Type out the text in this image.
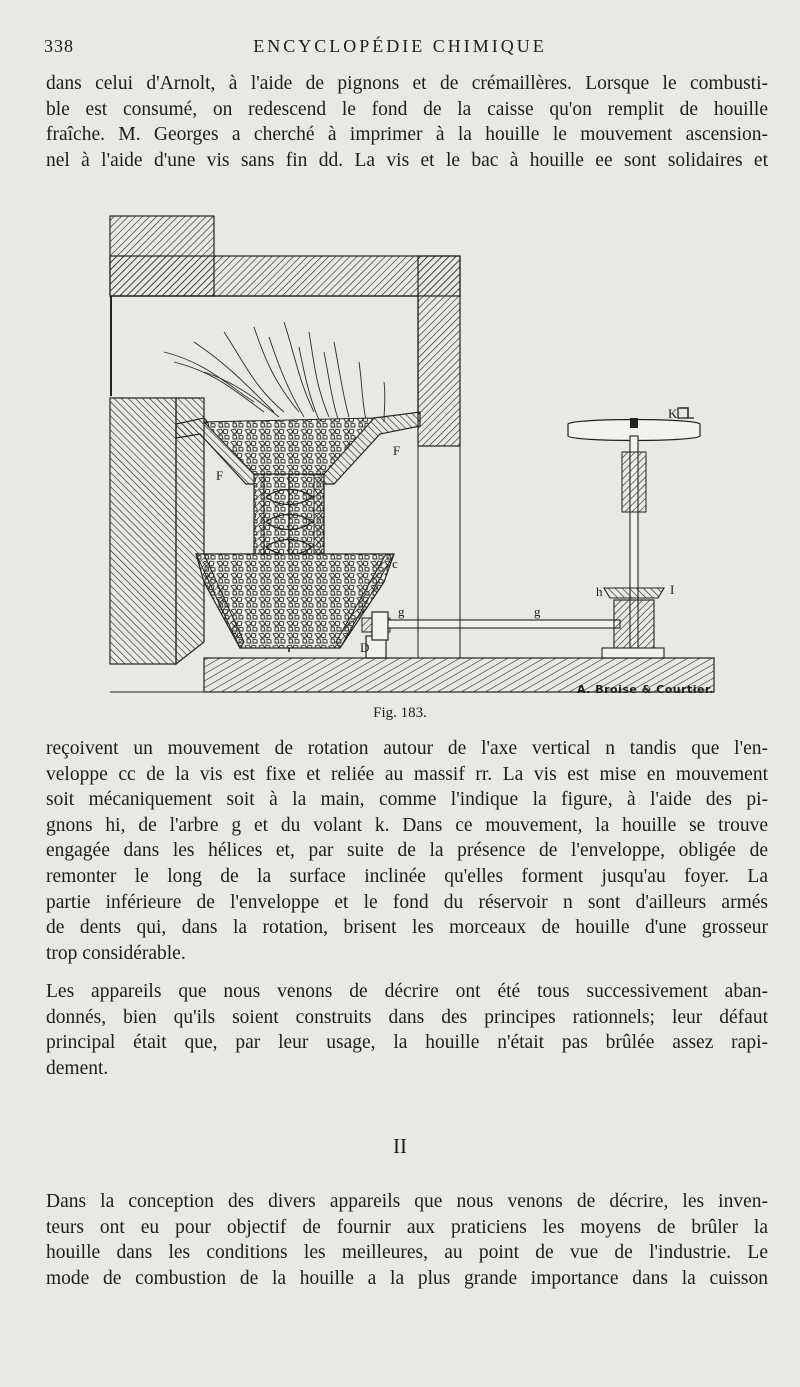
338	ENCYCLOPÉDIE CHIMIQUE
dans celui d'Arnolt, à l'aide de pignons et de crémaillères. Lorsque le combusti-
ble est consumé, on redescend le fond de la caisse qu'on remplit de houille
fraîche. M. Georges a cherché à imprimer à la houille le mouvement ascension-
nel à l'aide d'une vis sans fin dd. La vis et le bac à houille ee sont solidaires et
F
F
c
g	g
D
h	I
K
A. Broise & Courtier.
Fig. 183.
reçoivent un mouvement de rotation autour de l'axe vertical n tandis que l'en-
veloppe cc de la vis est fixe et reliée au massif rr. La vis est mise en mouvement
soit mécaniquement soit à la main, comme l'indique la figure, à l'aide des pi-
gnons hi, de l'arbre g et du volant k. Dans ce mouvement, la houille se trouve
engagée dans les hélices et, par suite de la présence de l'enveloppe, obligée de
remonter le long de la surface inclinée qu'elles forment jusqu'au foyer. La
partie inférieure de l'enveloppe et le fond du réservoir n sont d'ailleurs armés
de dents qui, dans la rotation, brisent les morceaux de houille d'une grosseur
trop considérable.
Les appareils que nous venons de décrire ont été tous successivement aban-
donnés, bien qu'ils soient construits dans des principes rationnels; leur défaut
principal était que, par leur usage, la houille n'était pas brûlée assez rapi-
dement.
II
Dans la conception des divers appareils que nous venons de décrire, les inven-
teurs ont eu pour objectif de fournir aux praticiens les moyens de brûler la
houille dans les conditions les meilleures, au point de vue de l'industrie. Le
mode de combustion de la houille a la plus grande importance dans la cuisson
